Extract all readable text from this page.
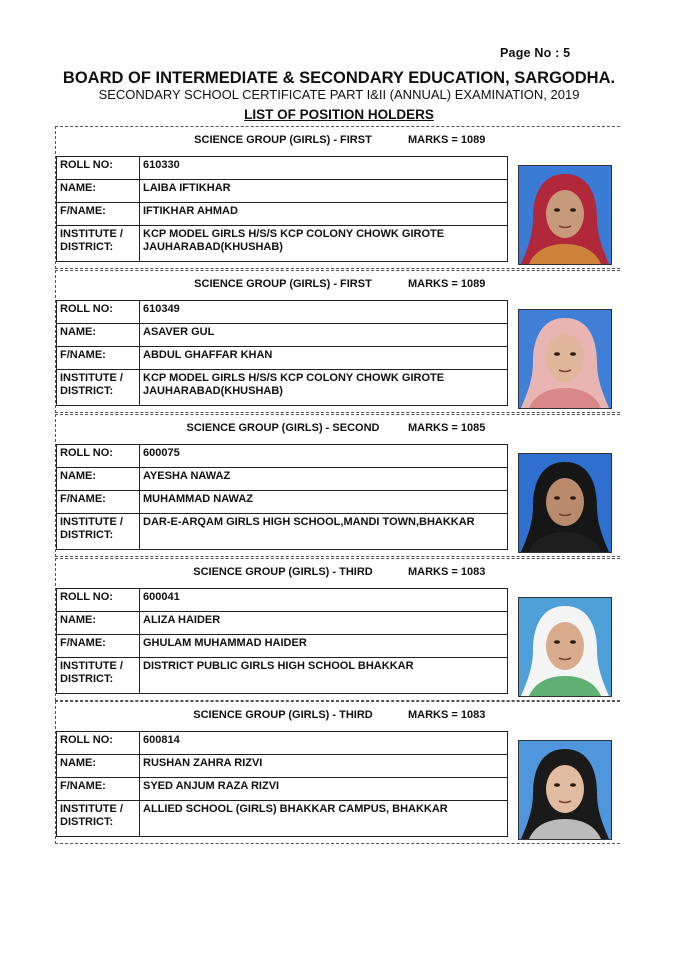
Page No : 5
BOARD OF INTERMEDIATE & SECONDARY EDUCATION, SARGODHA.
SECONDARY SCHOOL CERTIFICATE PART I&II (ANNUAL) EXAMINATION, 2019
LIST OF POSITION HOLDERS
SCIENCE GROUP (GIRLS) - FIRST	MARKS = 1089
ROLL NO:	610330
NAME:	LAIBA IFTIKHAR
F/NAME:	IFTIKHAR AHMAD
INSTITUTE /
DISTRICT:	KCP MODEL GIRLS H/S/S KCP COLONY CHOWK GIROTE JAUHARABAD(KHUSHAB)
SCIENCE GROUP (GIRLS) - FIRST	MARKS = 1089
ROLL NO:	610349
NAME:	ASAVER GUL
F/NAME:	ABDUL GHAFFAR KHAN
INSTITUTE /
DISTRICT:	KCP MODEL GIRLS H/S/S KCP COLONY CHOWK GIROTE JAUHARABAD(KHUSHAB)
SCIENCE GROUP (GIRLS) - SECOND	MARKS = 1085
ROLL NO:	600075
NAME:	AYESHA NAWAZ
F/NAME:	MUHAMMAD NAWAZ
INSTITUTE /
DISTRICT:	DAR-E-ARQAM GIRLS HIGH SCHOOL,MANDI TOWN,BHAKKAR
SCIENCE GROUP (GIRLS) - THIRD	MARKS = 1083
ROLL NO:	600041
NAME:	ALIZA HAIDER
F/NAME:	GHULAM MUHAMMAD HAIDER
INSTITUTE /
DISTRICT:	DISTRICT PUBLIC GIRLS HIGH SCHOOL BHAKKAR
SCIENCE GROUP (GIRLS) - THIRD	MARKS = 1083
ROLL NO:	600814
NAME:	RUSHAN ZAHRA RIZVI
F/NAME:	SYED ANJUM RAZA RIZVI
INSTITUTE /
DISTRICT:	ALLIED SCHOOL (GIRLS) BHAKKAR CAMPUS, BHAKKAR
